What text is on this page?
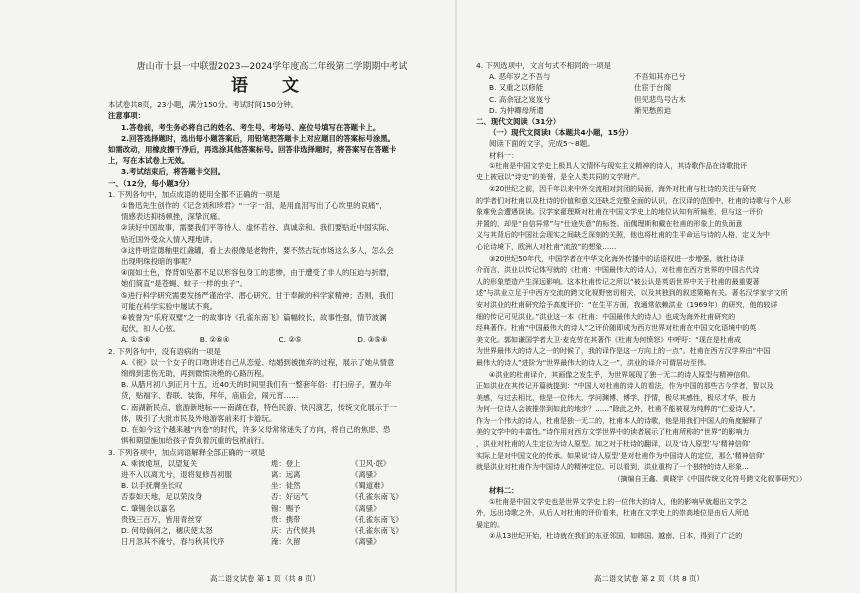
唐山市十县一中联盟2023—2024学年度高二年级第二学期期中考试
语 文
本试卷共8页，23小题，满分150分。考试时间150分钟。
注意事项：
1.答卷前，考生务必将自己的姓名、考生号、考场号、座位号填写在答题卡上。
2.回答选择题时，选出每小题答案后，用铅笔把答题卡上对应题目的答案标号涂黑。
如需改动，用橡皮擦干净后，再选涂其他答案标号。回答非选择题时，将答案写在答题卡
上，写在本试卷上无效。
3.考试结束后，将答题卡交回。
一、（12分，每小题3分）
1. 下列各句中，加点成语的使用全都不正确的一项是
①鲁迅先生创作的《记念刘和珍君》“一字一泪，是用血泪写出了心坎里的哀痛”，
情感表达抑扬顿挫，深挚沉痛。
②读好中国故事，需要我们平等待人、虚怀若谷、真诚亲和。我们要贴近中国实际、
贴近国外受众入情入理地讲。
③这件明宣德釉里红盏罐，看上去很像是老物件，要不然古玩市场这么多人，怎么会
出现明珠投暗的事呢？
④面如土色，脊背如坠都不足以形容包身工的悲惨，由于遭受了非人的压迫与折磨，
她们简直“是苍蝇、蚊子一样的虫子”。
⑤进行科学研究需要发扬严谨治学、潜心研究、甘于奉献的科学家精神；否则，我们
可能在科学实验中屡试不爽。
⑥被誉为“乐府双璧”之一的故事诗《孔雀东南飞》篇幅较长，故事性强，情节波澜
起伏，扣人心弦。
A. ①⑤⑥	B. ②⑥④	C. ②⑤	D. ③⑤⑥
2. 下列各句中，没有语病的一项是
A.《祝》以一个女子的口吻讲述自己从恋爱、结婚到被抛弃的过程，展示了她从情意
绵绵到悲伤无助，再到微愤决绝的心路历程。
B. 从腊月初八到正月十五，近40天的时间里我们有一整套年俗：打扫房子，置办年
货，贴福字、春联、装饰，拜年，庙庙会，闹元宵……
C. 南湖新民点、旅游新地标——南湖在春，特色民游、快闪演艺，传统文化展示于一
体，吸引了大批市民及外地游客前来打卡游玩。
D. 在如今这个越来越“内卷”的时代，许多父母常常迷失了方向，将自己的焦虑、恐
惧和期望施加给孩子背负着沉重的包袱前行。
3. 下列各项中，加点词语解释全部正确的一项是
A. 乘彼垝垣，以望复关	垝：登上	《卫风·氓》
进不入以离尤兮，退将复修吾初服	离：远离	《离骚》
B. 以手抚膺坐长叹	坐：徒然	《蜀道难》
否泰如天地，足以荣汝身	否：好运气	《孔雀东南飞》
C. 肇锡余以嘉名	锡：赐予	《离骚》
贵钱三百万，皆用青丝穿	贵：携带	《孔雀东南飞》
D. 何母倘何之，穗庆使太怒	庆：古代侯具	《孔雀东南飞》
日月忽其不淹兮，春与秋其代序	淹：久留	《离骚》
高二语文试卷 第 1 页（共 8 页）
4. 下列选项中，文言句式不相同的一项是
A. 恶年岁之不吾与	不吾知其亦已兮
B. 又重之以修能	仕宦于台阁
C. 高余冠之岌岌兮	但见悲鸟号古木
D. 为仲卿母所遣	渐见愁煎迫
二、现代文阅读（31分）
（一）现代文阅读Ⅰ（本题共4小题，15分）
阅读下面的文字，完成5～8题。
材料一：
①杜甫是中国文学史上极具人文情怀与现实主义精神的诗人，其诗歌作品在诗歌批评
史上被冠以“诗史”的美誉，是全人类共同的文学财产。
②20世纪之前，因千年以来中外交流相对封闭的局面，海外对杜甫与杜诗的关注与研究
的学者们对杜甫以及杜诗的价值和意义还缺乏完整全面的认识，在汉译的范围中，杜甫的诗歌与个人形
象难免会遭遇误读。汉学家翟理斯对杜甫在中国文学史上的地位认知有所偏差，但与这一评价
并置的，却是“自信异常”与“仕途失意”的标签。而儒理斯和戴在杜甫的形象上的负面意
义与其背后的中国社会现实之间缺乏深刻的关照，他也将杜甫的生平命运与诗的人格，定义为中
心论诗境下，欧洲人对杜甫“流放”的想象……
③20世纪50年代，中国学者在中华文化海外传播中的话语权进一步增强，就杜诗译
介而言，洪业以传记体写就的《杜甫：中国最伟大的诗人》，对杜甫在西方世界的中国古代诗
人的形象塑造产生深远影响。这本杜甫传记之所以“被公认是英语世界中关于杜甫的最重要著
述”与洪业立足于中西方交流的跨文化视野密切相关，以及其独到的叙述策略有关。著名汉学家宇文所
安对洪业的杜甫研究给予高度评价：“在生平方面，我通常依赖洪业（1969年）的研究，他的较详
细的传记可见洪业。”洪业这一本《杜甫：中国最伟大的诗人》也成为海外杜甫研究的
经典著作。杜甫“中国最伟大的诗人”之评价随即成为西方世界对杜甫在中国文化语境中的英
美文化。郭如谦国学者大卫·麦克劳在其著作《杜甫为何愤怒》中呼吁：“现在是杜甫成
为世界最伟大的诗人之一的时候了，我的译作是这一方向上的一点”。杜甫在西方汉学界由“中国
最伟大的诗人”进阶为“世界最伟大的诗人之一”，洪业的译介可谓居功至伟。
④洪业的杜甫译介，其画像之发生乎，为世界展现了独一无二的诗人原型与精神信仰。
正如洪业在其传记开篇就提到：“中国人对杜甫的诗人的看法，作为中国的那些古今学者，智以及
美感，与过去相比，他是一位伟大、学问渊博、博学、抒情，极尽其感性，极尽才华，极力
为何一位诗人会被推崇到如此的地步？……”除此之外，杜甫不能被视为纯粹的“仁爱诗人”。
作为一个伟大的诗人，杜甫是独一无二的，杜甫本人的诗歌，他是用我们中国人的角度解释了
美的文学中的丰富性。”诗作用对西方文学世界中的读者展示了杜甫所称的“世界”的影响力
，洪业对杜甫的人生定位为诗人原型。加之对于杜诗的翻译，以及‘诗人原型’与‘精神信仰’
实际上是对中国文化的传承。如果说‘诗人原型’是对杜甫作为中国诗人的定位，那么‘精神信仰’
就是洪业对杜甫作为中国诗人的精神定位。可以看到，洪业重构了一个独特的诗人形象…
（摘编自王鑫、黄晓宇《中国传统文化符号跨文化叙事研究》）
材料二：
①杜甫是中国文学史也是世界文学史上的一位伟大的诗人，他的影响早就超出文学之
外，远出诗歌之外，从后人对杜甫的评价看来，杜甫在文学史上的崇高地位是由后人所追
晏定的。
②从13世纪开始，杜诗就在我们的东亚邻国，如韩国、越南、日本，得到了广泛的
高二语文试卷 第 2 页（共 8 页）
